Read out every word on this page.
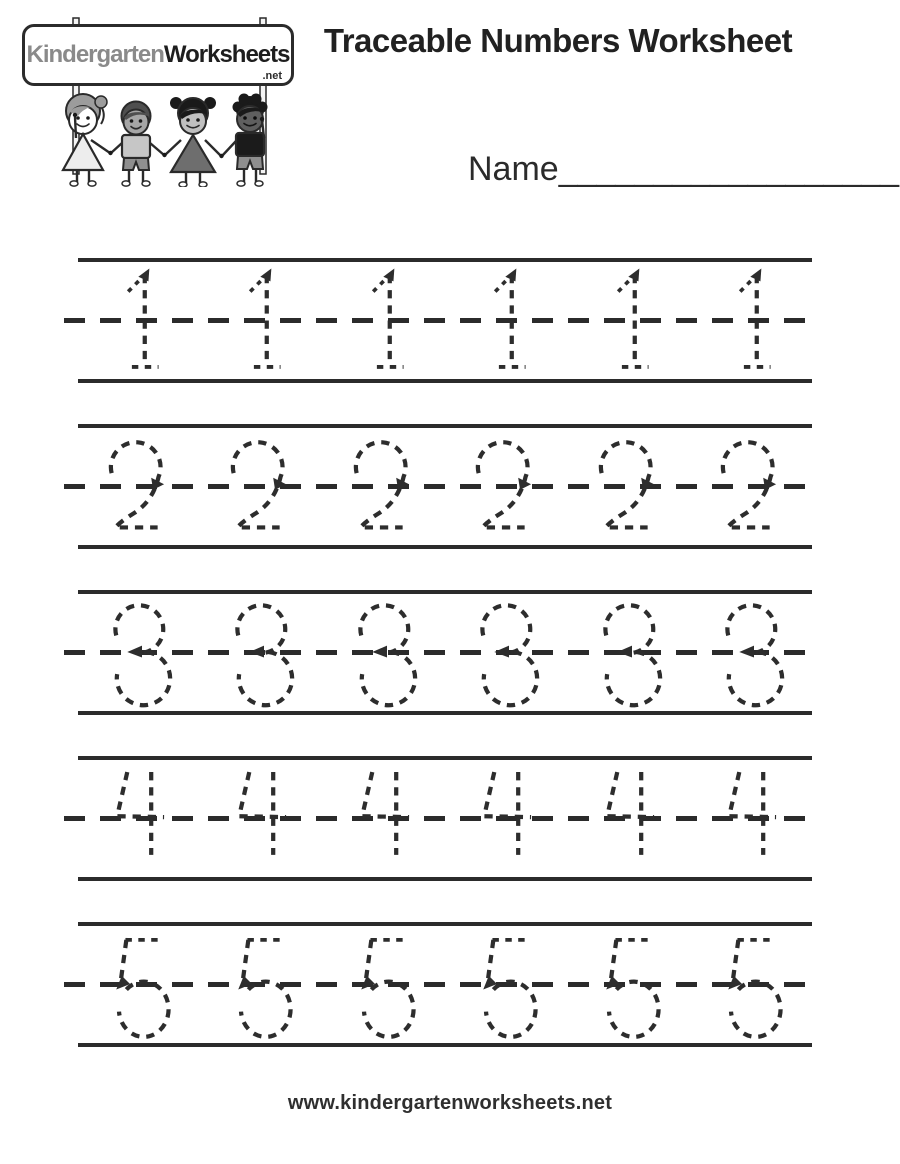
KindergartenWorksheets
.net
Traceable Numbers Worksheet
Name__________________
www.kindergartenworksheets.net
